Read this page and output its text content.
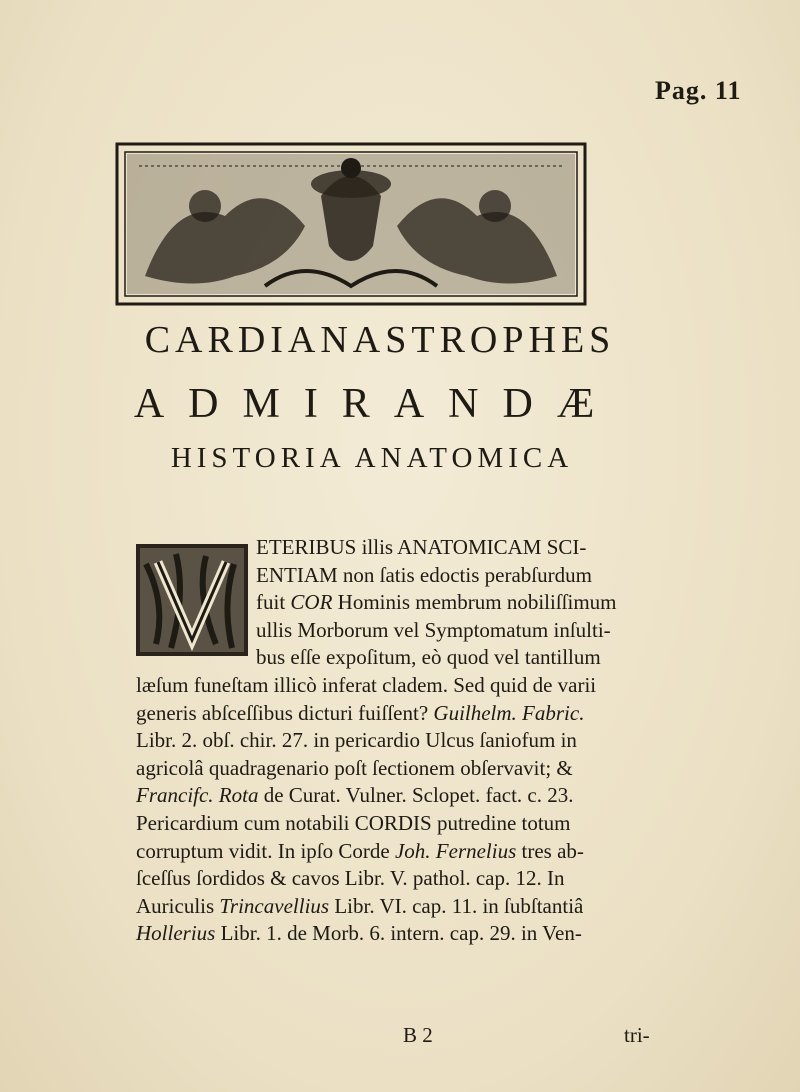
Pag. 11
CARDIANASTROPHES
ADMIRANDÆ
HISTORIA ANATOMICA
ETERIBUS illis ANATOMICAM SCI-
ENTIAM non ſatis edoctis perabſurdum
fuit COR Hominis membrum nobiliſſimum
ullis Morborum vel Symptomatum inſulti-
bus eſſe expoſitum, eò quod vel tantillum
læſum funeſtam illicò inferat cladem. Sed quid de varii
generis abſceſſibus dicturi fuiſſent? Guilhelm. Fabric.
Libr. 2. obſ. chir. 27. in pericardio Ulcus ſaniofum in
agricolâ quadragenario poſt ſectionem obſervavit; &
Francifc. Rota de Curat. Vulner. Sclopet. fact. c. 23.
Pericardium cum notabili CORDIS putredine totum
corruptum vidit. In ipſo Corde Joh. Fernelius tres ab-
ſceſſus ſordidos & cavos Libr. V. pathol. cap. 12. In
Auriculis Trincavellius Libr. VI. cap. 11. in ſubſtantiâ
Hollerius Libr. 1. de Morb. 6. intern. cap. 29. in Ven-
B 2	tri-
